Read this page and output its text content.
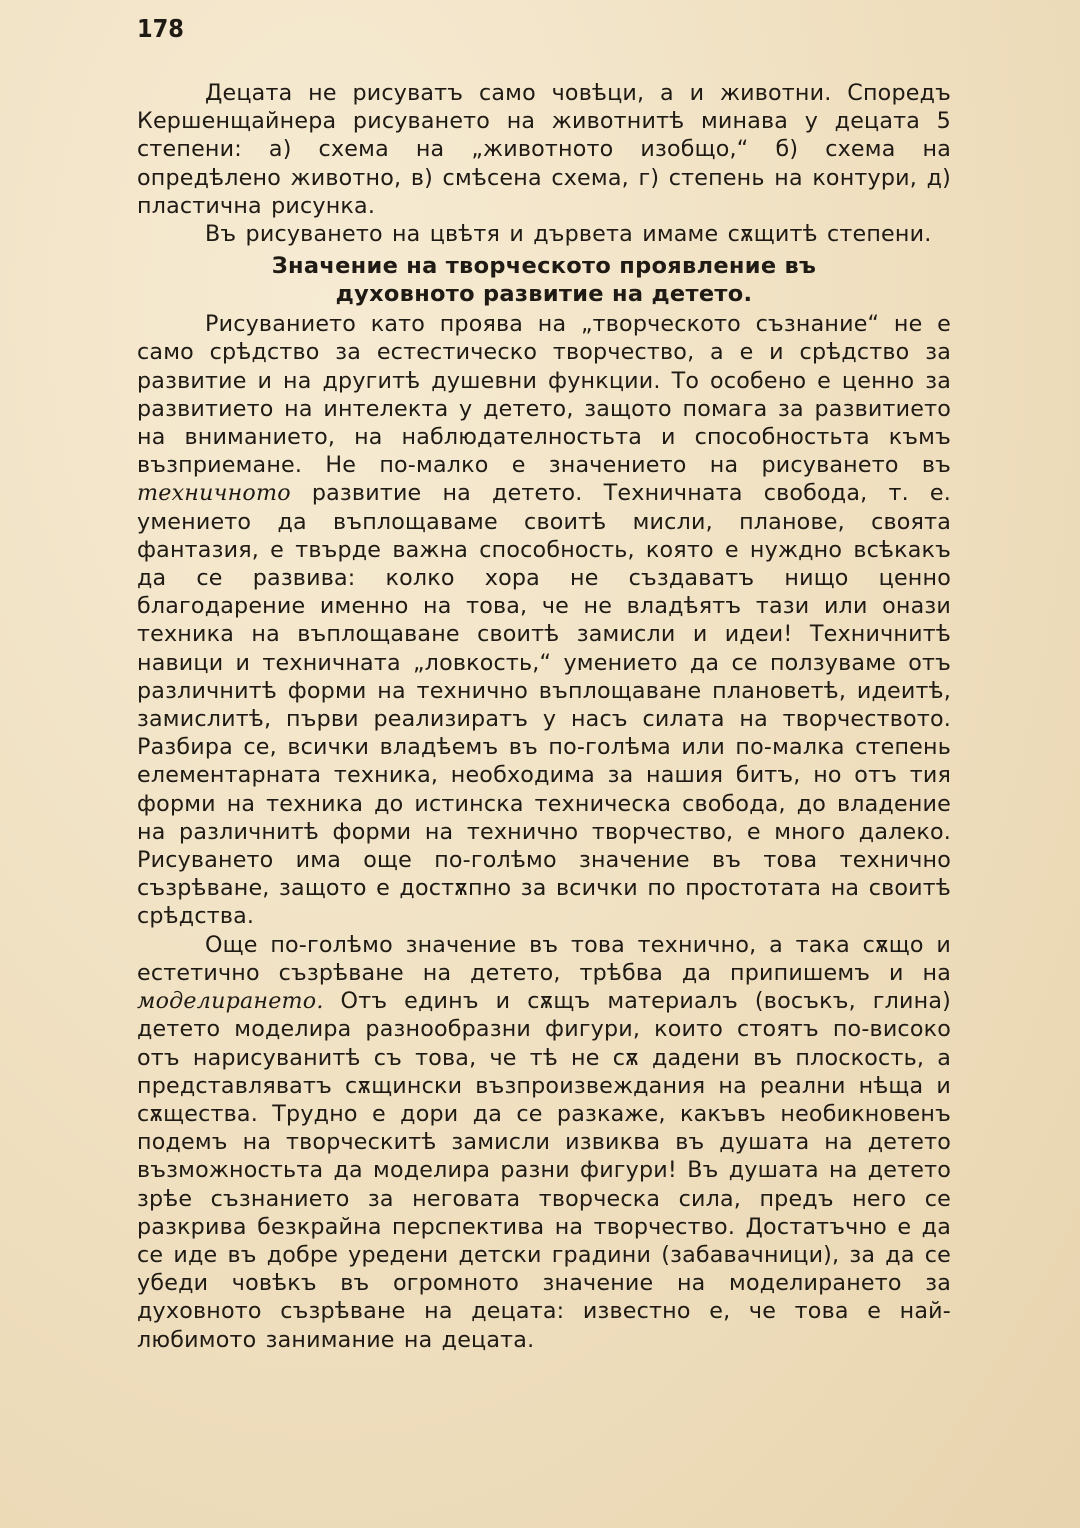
178

Децата не рисуватъ само човѣци, а и животни. Споредъ Кершенщайнера рисуването на животнитѣ минава у децата 5 степени: а) схема на „животното изобщо,“ б) схема на опредѣлено животно, в) смѣсена схема, г) степень на контури, д) пластична рисунка.

Въ рисуването на цвѣтя и дървета имаме сѫщитѣ степени.

Значение на творческото проявление въ
духовното развитие на детето.

Рисуванието като проява на „творческото съзнание“ не е само срѣдство за естестическо творчество, а е и срѣдство за развитие и на другитѣ душевни функции. То особено е ценно за развитието на интелекта у детето, защото помага за развитието на вниманието, на наблюдателностьта и способностьта къмъ възприемане. Не по-малко е значението на рисуването въ техничното развитие на детето. Техничната свобода, т. е. умението да въплощаваме своитѣ мисли, планове, своята фантазия, е твърде важна способность, която е нуждно всѣкакъ да се развива: колко хора не създаватъ нищо ценно благодарение именно на това, че не владѣятъ тази или онази техника на въплощаване своитѣ замисли и идеи! Техничнитѣ навици и техничната „ловкость,“ умението да се ползуваме отъ различнитѣ форми на технично въплощаване плановетѣ, идеитѣ, замислитѣ, първи реализиратъ у насъ силата на творчеството. Разбира се, всички владѣемъ въ по-голѣма или по-малка степень елементарната техника, необходима за нашия битъ, но отъ тия форми на техника до истинска техническа свобода, до владение на различнитѣ форми на технично творчество, е много далеко. Рисуването има още по-голѣмо значение въ това технично съзрѣване, защото е достѫпно за всички по простотата на своитѣ срѣдства.

Още по-голѣмо значение въ това технично, а така сѫщо и естетично съзрѣване на детето, трѣбва да припишемъ и на моделирането. Отъ единъ и сѫщъ материалъ (восъкъ, глина) детето моделира разнообразни фигури, които стоятъ по-високо отъ нарисуванитѣ съ това, че тѣ не сѫ дадени въ плоскость, а представляватъ сѫщински възпроизвеждания на реални нѣща и сѫщества. Трудно е дори да се разкаже, какъвъ необикновенъ подемъ на творческитѣ замисли извиква въ душата на детето възможностьта да моделира разни фигури! Въ душата на детето зрѣе съзнанието за неговата творческа сила, предъ него се разкрива безкрайна перспектива на творчество. Достатъчно е да се иде въ добре уредени детски градини (забавачници), за да се убеди човѣкъ въ огромното значение на моделирането за духовното съзрѣване на децата: известно е, че това е най-любимото занимание на децата.
